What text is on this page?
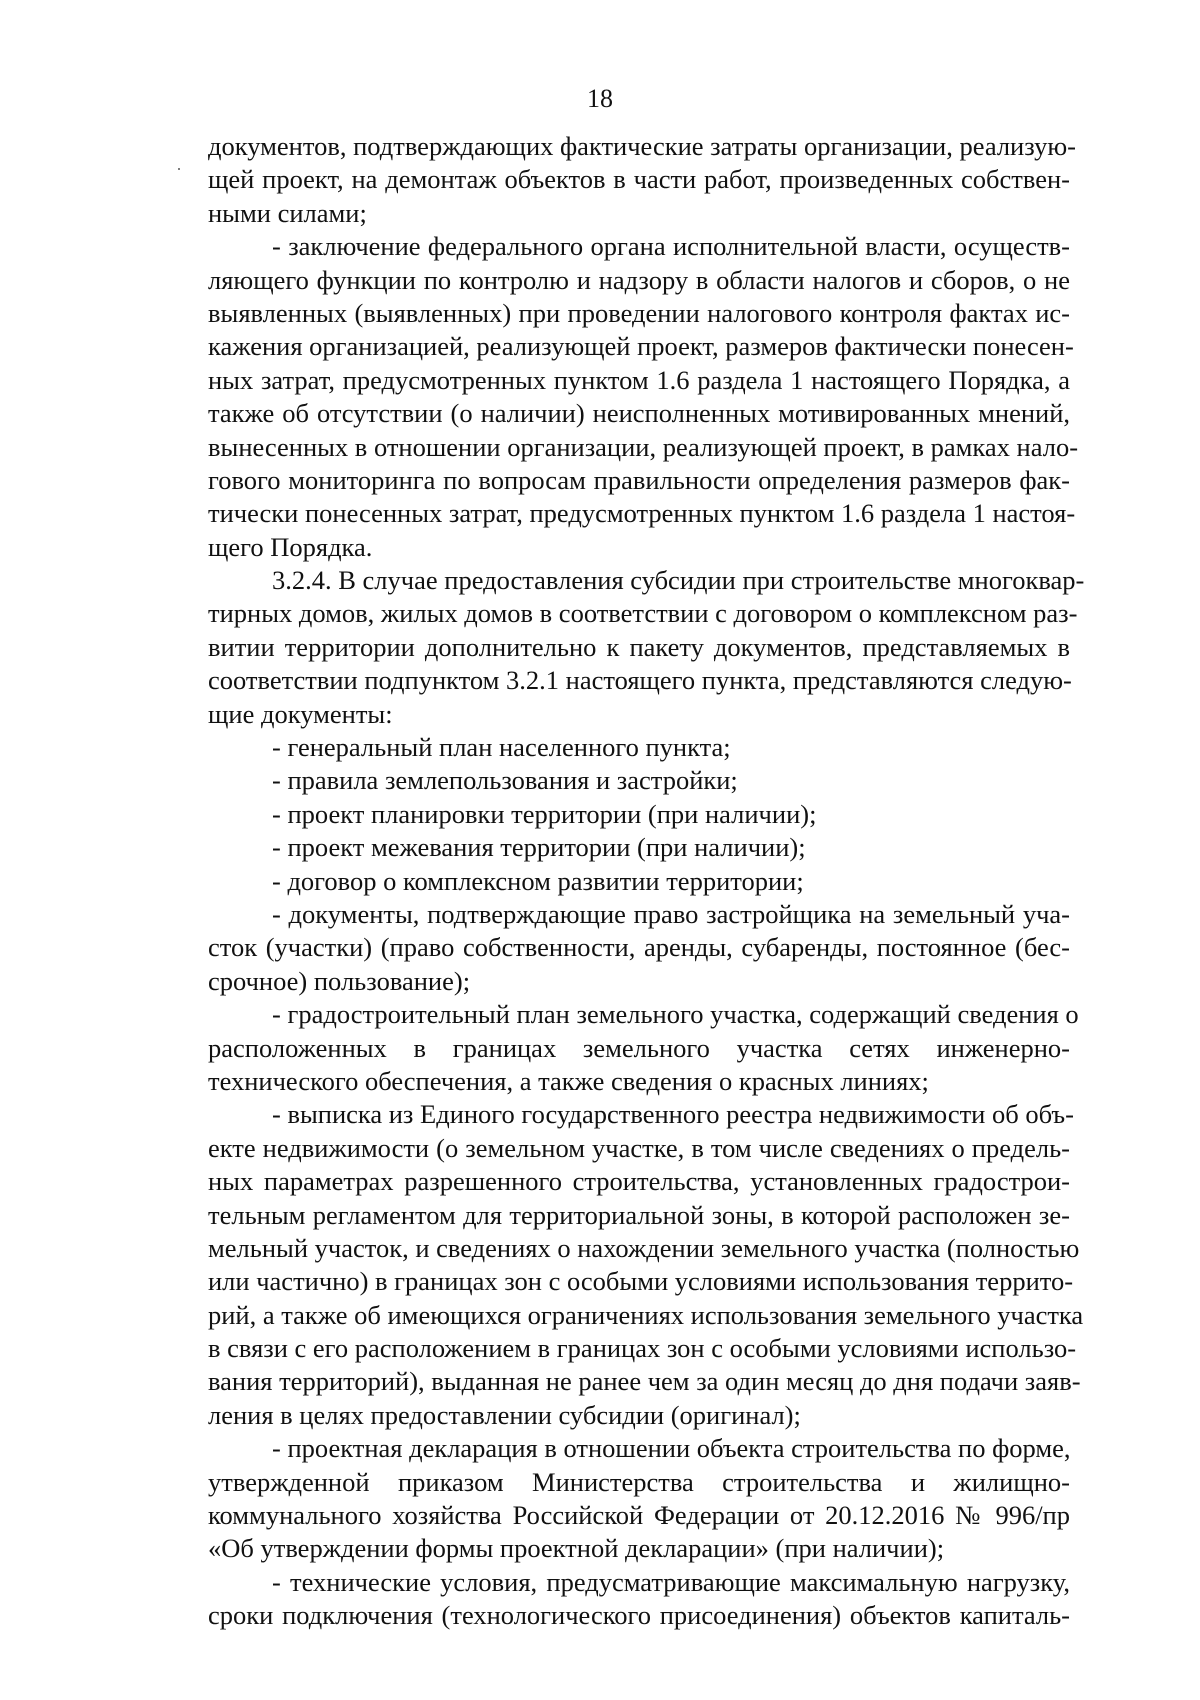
18
документов, подтверждающих фактические затраты организации, реализую-
щей проект, на демонтаж объектов в части работ, произведенных собствен-
ными силами;
- заключение федерального органа исполнительной власти, осуществ-
ляющего функции по контролю и надзору в области налогов и сборов, о не
выявленных (выявленных) при проведении налогового контроля фактах ис-
кажения организацией, реализующей проект, размеров фактически понесен-
ных затрат, предусмотренных пунктом 1.6 раздела 1 настоящего Порядка, а
также об отсутствии (о наличии) неисполненных мотивированных мнений,
вынесенных в отношении организации, реализующей проект, в рамках нало-
гового мониторинга по вопросам правильности определения размеров фак-
тически понесенных затрат, предусмотренных пунктом 1.6 раздела 1 настоя-
щего Порядка.
3.2.4. В случае предоставления субсидии при строительстве многоквар-
тирных домов, жилых домов в соответствии с договором о комплексном раз-
витии территории дополнительно к пакету документов, представляемых в
соответствии подпунктом 3.2.1 настоящего пункта, представляются следую-
щие документы:
- генеральный план населенного пункта;
- правила землепользования и застройки;
- проект планировки территории (при наличии);
- проект межевания территории (при наличии);
- договор о комплексном развитии территории;
- документы, подтверждающие право застройщика на земельный уча-
сток (участки) (право собственности, аренды, субаренды, постоянное (бес-
срочное) пользование);
- градостроительный план земельного участка, содержащий сведения о
расположенных в границах земельного участка сетях инженерно-
технического обеспечения, а также сведения о красных линиях;
- выписка из Единого государственного реестра недвижимости об объ-
екте недвижимости (о земельном участке, в том числе сведениях о предель-
ных параметрах разрешенного строительства, установленных градострои-
тельным регламентом для территориальной зоны, в которой расположен зе-
мельный участок, и сведениях о нахождении земельного участка (полностью
или частично) в границах зон с особыми условиями использования террито-
рий, а также об имеющихся ограничениях использования земельного участка
в связи с его расположением в границах зон с особыми условиями использо-
вания территорий), выданная не ранее чем за один месяц до дня подачи заяв-
ления в целях предоставлении субсидии (оригинал);
- проектная декларация в отношении объекта строительства по форме,
утвержденной приказом Министерства строительства и жилищно-
коммунального хозяйства Российской Федерации от 20.12.2016 № 996/пр
«Об утверждении формы проектной декларации» (при наличии);
- технические условия, предусматривающие максимальную нагрузку,
сроки подключения (технологического присоединения) объектов капиталь-
